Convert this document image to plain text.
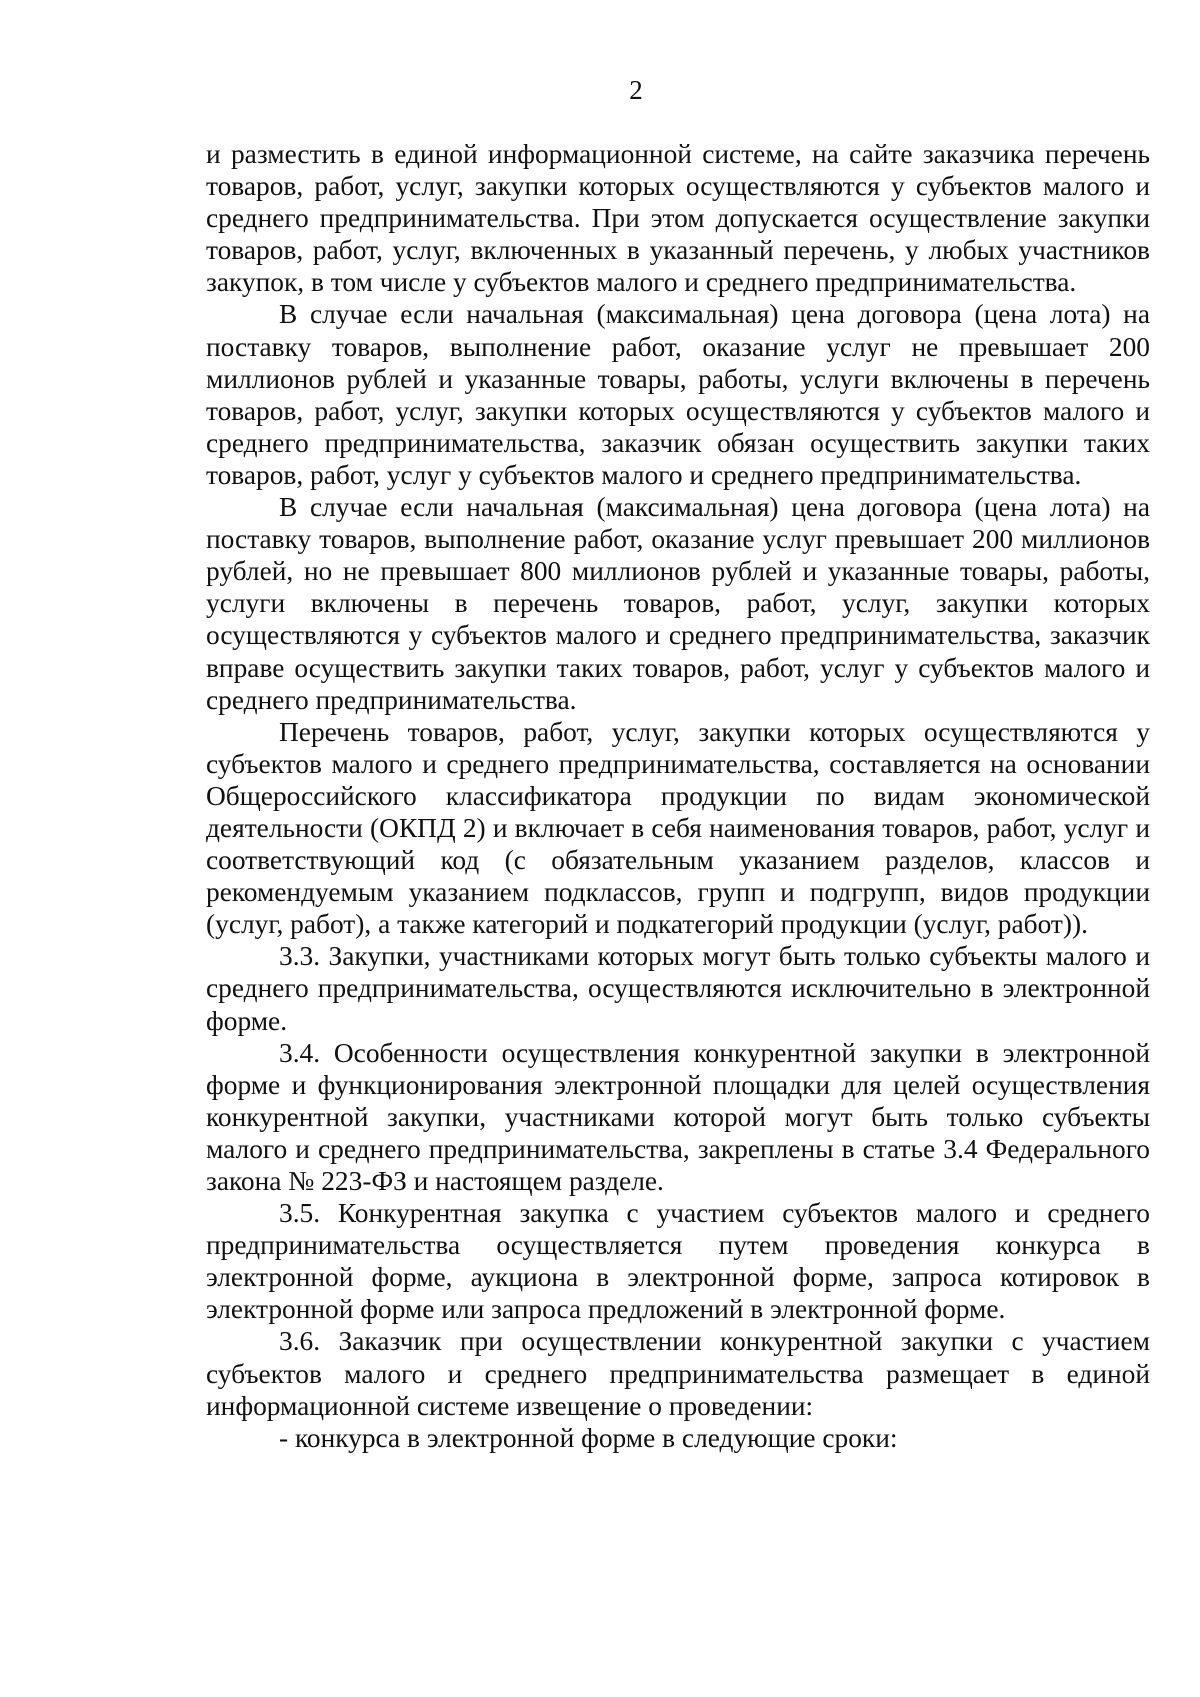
2

и разместить в единой информационной системе, на сайте заказчика перечень товаров, работ, услуг, закупки которых осуществляются у субъектов малого и среднего предпринимательства. При этом допускается осуществление закупки товаров, работ, услуг, включенных в указанный перечень, у любых участников закупок, в том числе у субъектов малого и среднего предпринимательства.

В случае если начальная (максимальная) цена договора (цена лота) на поставку товаров, выполнение работ, оказание услуг не превышает 200 миллионов рублей и указанные товары, работы, услуги включены в перечень товаров, работ, услуг, закупки которых осуществляются у субъектов малого и среднего предпринимательства, заказчик обязан осуществить закупки таких товаров, работ, услуг у субъектов малого и среднего предпринимательства.

В случае если начальная (максимальная) цена договора (цена лота) на поставку товаров, выполнение работ, оказание услуг превышает 200 миллионов рублей, но не превышает 800 миллионов рублей и указанные товары, работы, услуги включены в перечень товаров, работ, услуг, закупки которых осуществляются у субъектов малого и среднего предпринимательства, заказчик вправе осуществить закупки таких товаров, работ, услуг у субъектов малого и среднего предпринимательства.

Перечень товаров, работ, услуг, закупки которых осуществляются у субъектов малого и среднего предпринимательства, составляется на основании Общероссийского классификатора продукции по видам экономической деятельности (ОКПД 2) и включает в себя наименования товаров, работ, услуг и соответствующий код (с обязательным указанием разделов, классов и рекомендуемым указанием подклассов, групп и подгрупп, видов продукции (услуг, работ), а также категорий и подкатегорий продукции (услуг, работ)).

3.3. Закупки, участниками которых могут быть только субъекты малого и среднего предпринимательства, осуществляются исключительно в электронной форме.

3.4. Особенности осуществления конкурентной закупки в электронной форме и функционирования электронной площадки для целей осуществления конкурентной закупки, участниками которой могут быть только субъекты малого и среднего предпринимательства, закреплены в статье 3.4 Федерального закона № 223-ФЗ и настоящем разделе.

3.5. Конкурентная закупка с участием субъектов малого и среднего предпринимательства осуществляется путем проведения конкурса в электронной форме, аукциона в электронной форме, запроса котировок в электронной форме или запроса предложений в электронной форме.

3.6. Заказчик при осуществлении конкурентной закупки с участием субъектов малого и среднего предпринимательства размещает в единой информационной системе извещение о проведении:

- конкурса в электронной форме в следующие сроки:
